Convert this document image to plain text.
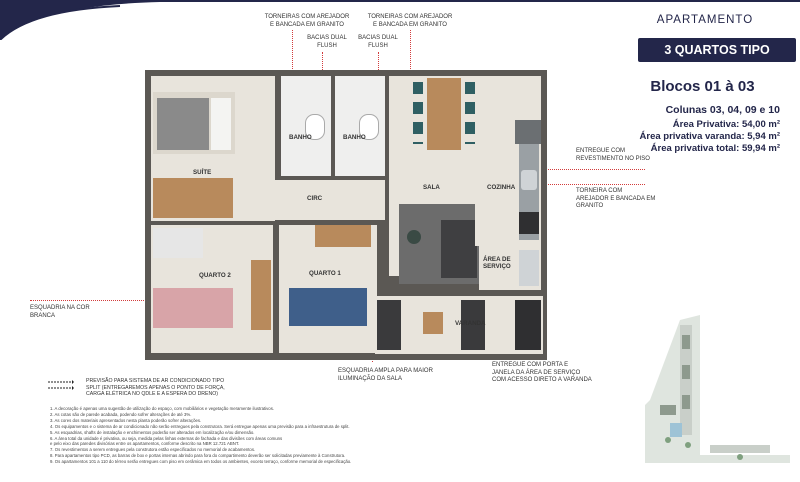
APARTAMENTO
3 QUARTOS TIPO
Blocos 01 à 03
Colunas 03, 04, 09 e 10
Área Privativa: 54,00 m²
Área privativa varanda: 5,94 m²
Área privativa total: 59,94 m²
TORNEIRAS COM AREJADOR E BANCADA EM GRANITO
TORNEIRAS COM AREJADOR E BANCADA EM GRANITO
BACIAS DUAL FLUSH
BACIAS DUAL FLUSH
ENTREGUE COM REVESTIMENTO NO PISO
TORNEIRA COM AREJADOR E BANCADA EM GRANITO
ESQUADRIA NA COR BRANCA
ESQUADRIA AMPLA PARA MAIOR ILUMINAÇÃO DA SALA
ENTREGUE COM PORTA E JANELA DA ÁREA DE SERVIÇO COM ACESSO DIRETO A VARANDA
PREVISÃO PARA SISTEMA DE AR CONDICIONADO TIPO SPLIT (ENTREGAREMOS APENAS O PONTO DE FORÇA, CARGA ELÉTRICA NO QDLE E A ESPERA DO DRENO)
1. A decoração é apenas uma sugestão de utilização do espaço, com mobiliários e vegetação meramente ilustrativos.
2. As cotas são de parede acabada, podendo sofrer alterações de até 3%.
3. As cores dos materiais apresentados nesta planta poderão sofrer alterações.
4. Os equipamentos e o sistema de ar condicionado não serão entregues pela construtora. Será entregue apenas uma previsão para a infraestrutura de split.
5. As esquadrias, shafts de instalação e enchimentos poderão ser alterados em localização e/ou dimensão.
6. A área total da unidade é privativa, ou seja, medida pelas linhas externas de fachada e das divisões com áreas comuns
e pelo eixo das paredes divisórias entre os apartamentos, conforme descrito na NBR 12.721 ABNT.
7. Os revestimentos a serem entregues pela construtora estão especificados no memorial de acabamentos.
8. Para apartamentos tipo PCD, as barras de box e portas internas abrindo para fora do compartimento deverão ser solicitadas previamente à Construtora.
9. Os apartamentos 101 a 110 do térreo serão entregues com piso em cerâmica em todos os ambientes, exceto terraço, conforme memorial de especificação.
SUÍTE
BANHO	BANHO
CIRC
SALA	COZINHA
ÁREA DE SERVIÇO
QUARTO 2	QUARTO 1
VARANDA
